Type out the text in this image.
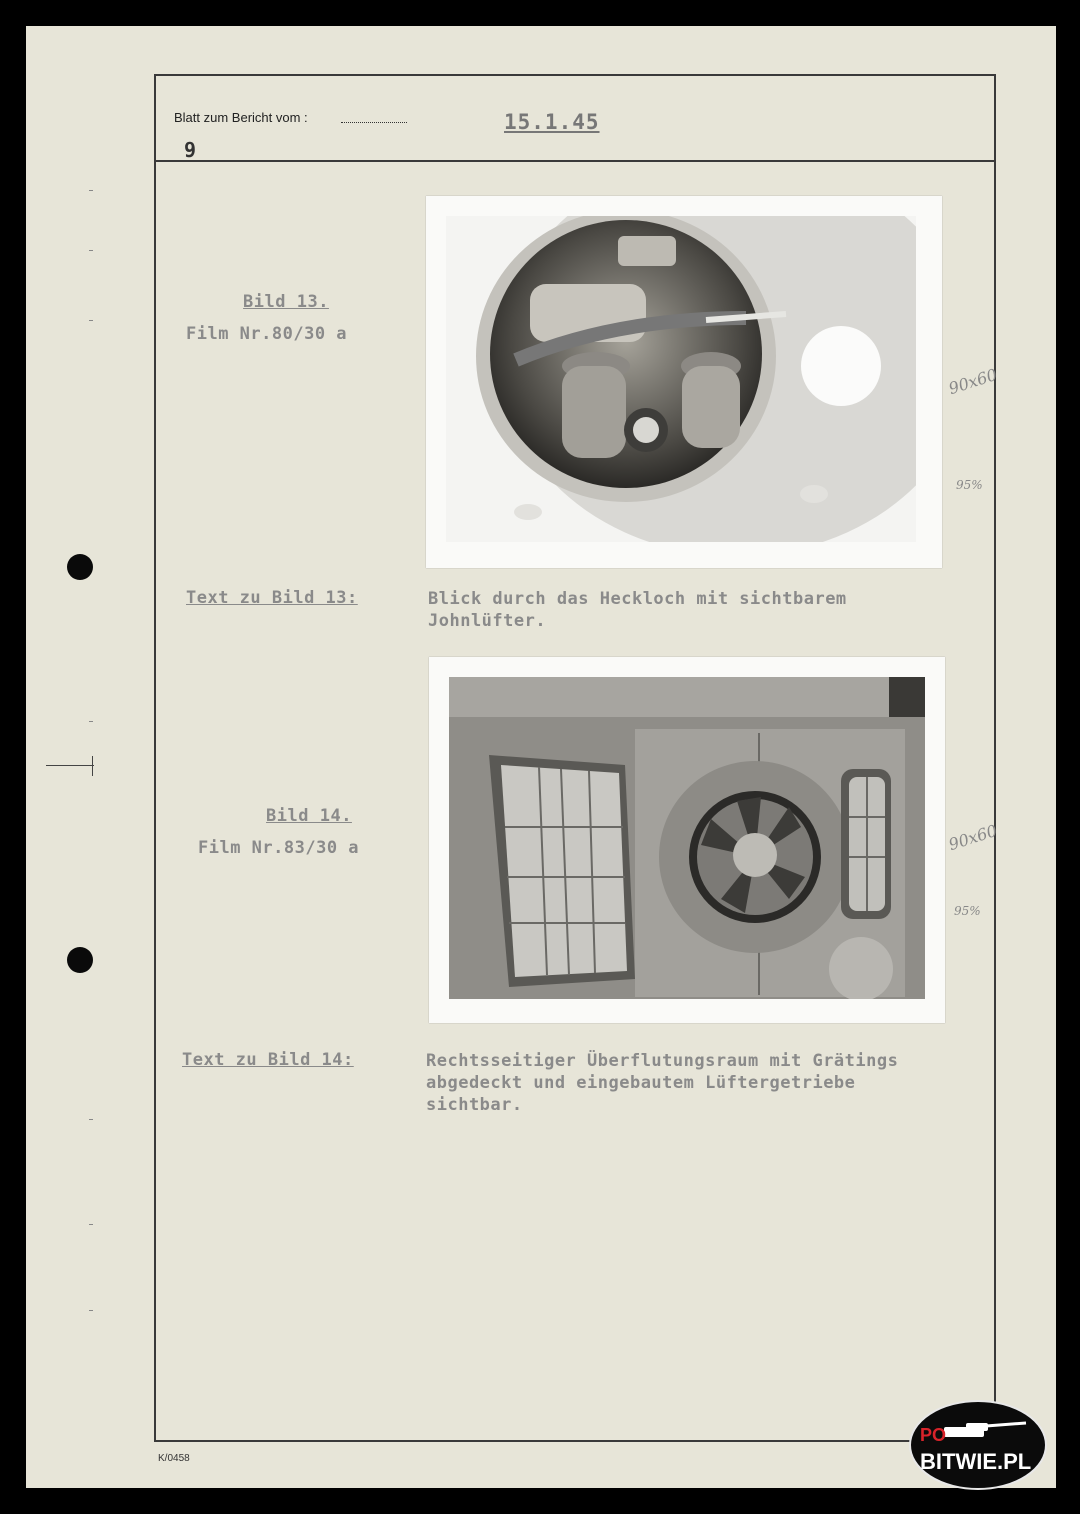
Blatt zum Bericht vom :	15.1.45
9
Bild 13.
Film Nr.80/30 a
90x60
95%
Text zu Bild 13:	Blick durch das Heckloch mit sichtbarem
Johnlüfter.
Bild 14.
Film Nr.83/30 a	90x60
95%
Text zu Bild 14:	Rechtsseitiger Überflutungsraum mit Grätings
abgedeckt und eingebautem Lüftergetriebe
sichtbar.
K/0458
PO
BITWIE.PL
